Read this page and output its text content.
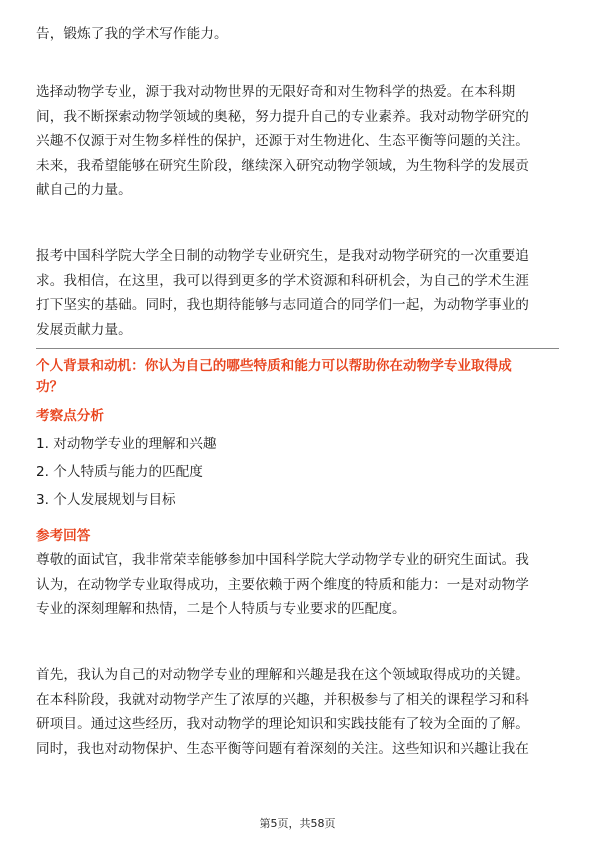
告，锻炼了我的学术写作能力。
选择动物学专业，源于我对动物世界的无限好奇和对生物科学的热爱。在本科期
间，我不断探索动物学领域的奥秘，努力提升自己的专业素养。我对动物学研究的
兴趣不仅源于对生物多样性的保护，还源于对生物进化、生态平衡等问题的关注。
未来，我希望能够在研究生阶段，继续深入研究动物学领域，为生物科学的发展贡
献自己的力量。
报考中国科学院大学全日制的动物学专业研究生，是我对动物学研究的一次重要追
求。我相信，在这里，我可以得到更多的学术资源和科研机会，为自己的学术生涯
打下坚实的基础。同时，我也期待能够与志同道合的同学们一起，为动物学事业的
发展贡献力量。
个人背景和动机：你认为自己的哪些特质和能力可以帮助你在动物学专业取得成
功？
考察点分析
1. 对动物学专业的理解和兴趣
2. 个人特质与能力的匹配度
3. 个人发展规划与目标
参考回答
尊敬的面试官，我非常荣幸能够参加中国科学院大学动物学专业的研究生面试。我
认为，在动物学专业取得成功，主要依赖于两个维度的特质和能力：一是对动物学
专业的深刻理解和热情，二是个人特质与专业要求的匹配度。
首先，我认为自己的对动物学专业的理解和兴趣是我在这个领域取得成功的关键。
在本科阶段，我就对动物学产生了浓厚的兴趣，并积极参与了相关的课程学习和科
研项目。通过这些经历，我对动物学的理论知识和实践技能有了较为全面的了解。
同时，我也对动物保护、生态平衡等问题有着深刻的关注。这些知识和兴趣让我在
第5页，共58页
